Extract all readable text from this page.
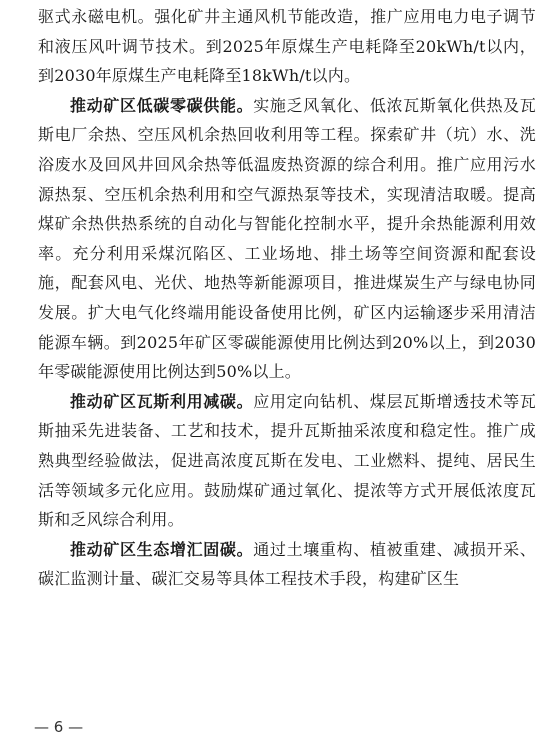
驱式永磁电机。强化矿井主通风机节能改造，推广应用电力电子调节和液压风叶调节技术。到2025年原煤生产电耗降至20kWh/t以内，到2030年原煤生产电耗降至18kWh/t以内。

推动矿区低碳零碳供能。实施乏风氧化、低浓瓦斯氧化供热及瓦斯电厂余热、空压风机余热回收利用等工程。探索矿井（坑）水、洗浴废水及回风井回风余热等低温废热资源的综合利用。推广应用污水源热泵、空压机余热利用和空气源热泵等技术，实现清洁取暖。提高煤矿余热供热系统的自动化与智能化控制水平，提升余热能源利用效率。充分利用采煤沉陷区、工业场地、排土场等空间资源和配套设施，配套风电、光伏、地热等新能源项目，推进煤炭生产与绿电协同发展。扩大电气化终端用能设备使用比例，矿区内运输逐步采用清洁能源车辆。到2025年矿区零碳能源使用比例达到20%以上，到2030年零碳能源使用比例达到50%以上。

推动矿区瓦斯利用减碳。应用定向钻机、煤层瓦斯增透技术等瓦斯抽采先进装备、工艺和技术，提升瓦斯抽采浓度和稳定性。推广成熟典型经验做法，促进高浓度瓦斯在发电、工业燃料、提纯、居民生活等领域多元化应用。鼓励煤矿通过氧化、提浓等方式开展低浓度瓦斯和乏风综合利用。

推动矿区生态增汇固碳。通过土壤重构、植被重建、减损开采、碳汇监测计量、碳汇交易等具体工程技术手段，构建矿区生

— 6 —
